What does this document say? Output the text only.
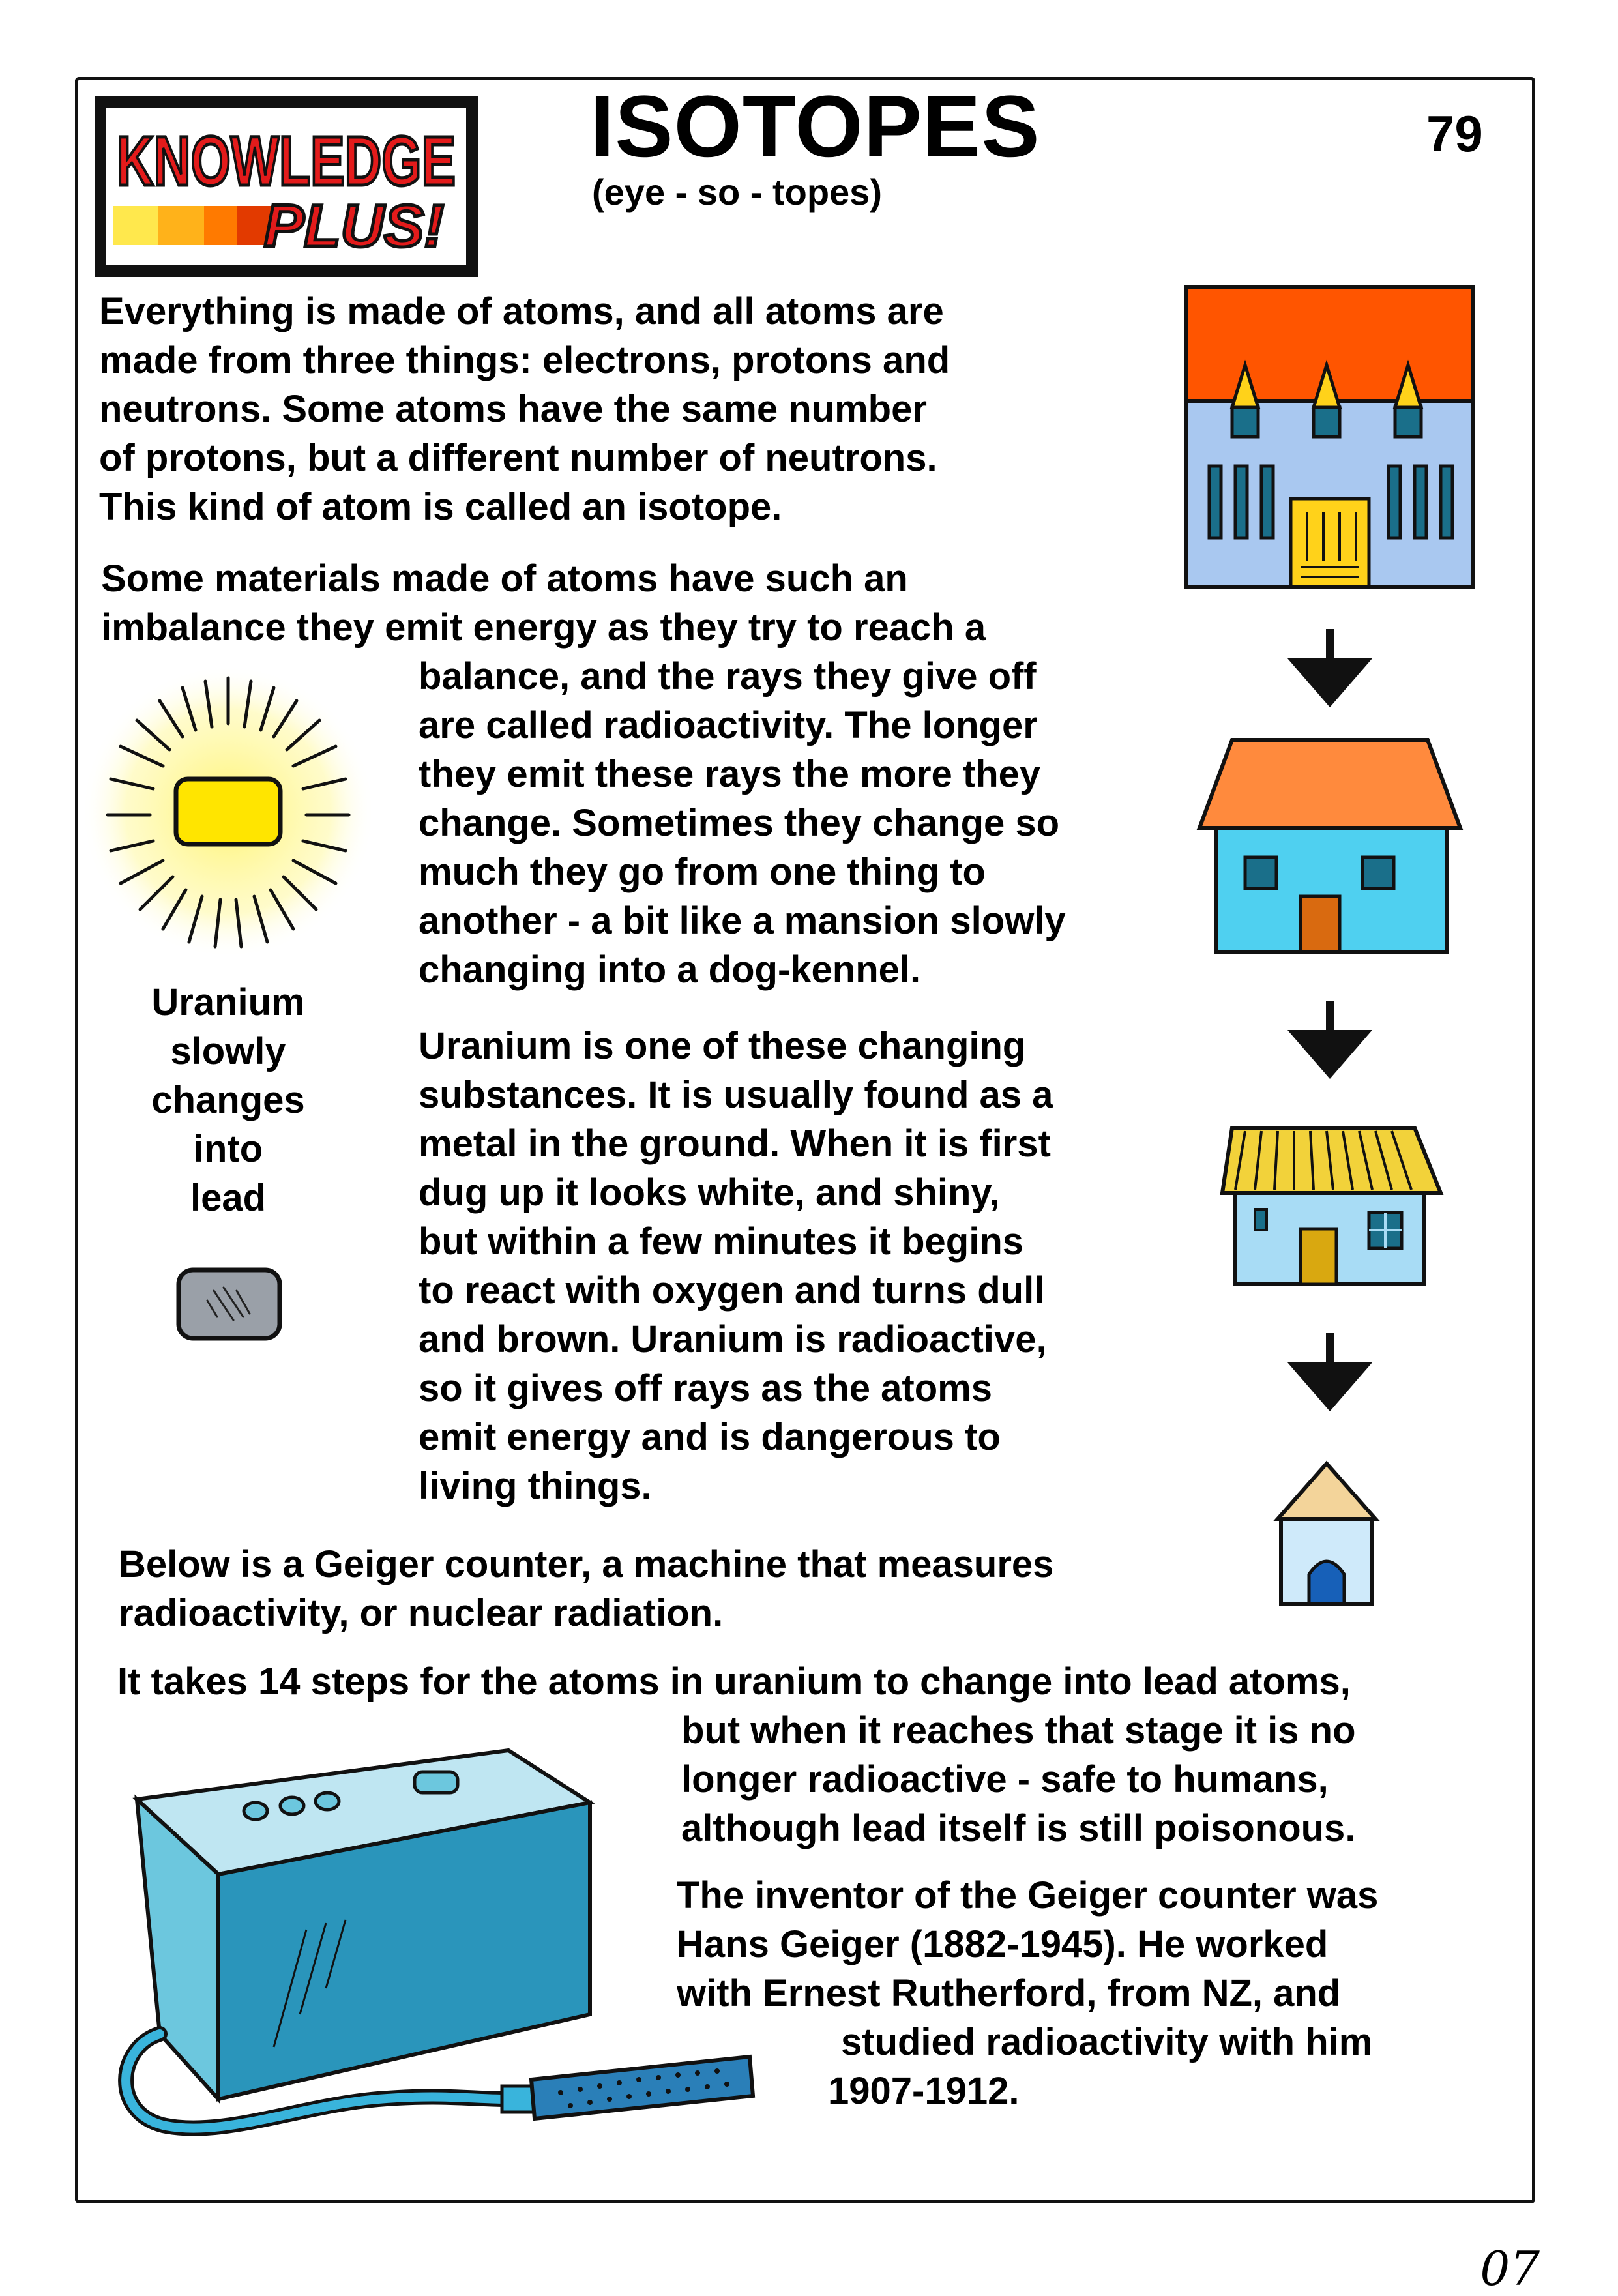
KNOWLEDGE
PLUS!
ISOTOPES
(eye - so - topes)
79
Everything is made of atoms, and all atoms are
made from three things: electrons, protons and
neutrons. Some atoms have the same number
of protons, but a different number of neutrons.
This kind of atom is called an isotope.
Some materials made of atoms have such an
imbalance they emit energy as they try to reach a
balance, and the rays they give off
are called radioactivity. The longer
they emit these rays the more they
change. Sometimes they change so
much they go from one thing to
another - a bit like a mansion slowly
changing into a dog-kennel.
Uranium
slowly
changes
into
lead
Uranium is one of these changing
substances. It is usually found as a
metal in the ground. When it is first
dug up it looks white, and shiny,
but within a few minutes it begins
to react with oxygen and turns dull
and brown. Uranium is radioactive,
so it gives off rays as the atoms
emit energy and is dangerous to
living things.
Below is a Geiger counter, a machine that measures
radioactivity, or nuclear radiation.
It takes 14 steps for the atoms in uranium to change into lead atoms,
but when it reaches that stage it is no
longer radioactive - safe to humans,
although lead itself is still poisonous.
The inventor of the Geiger counter was
Hans Geiger (1882-1945). He worked
with Ernest Rutherford, from NZ, and
studied radioactivity with him
1907-1912.
07
